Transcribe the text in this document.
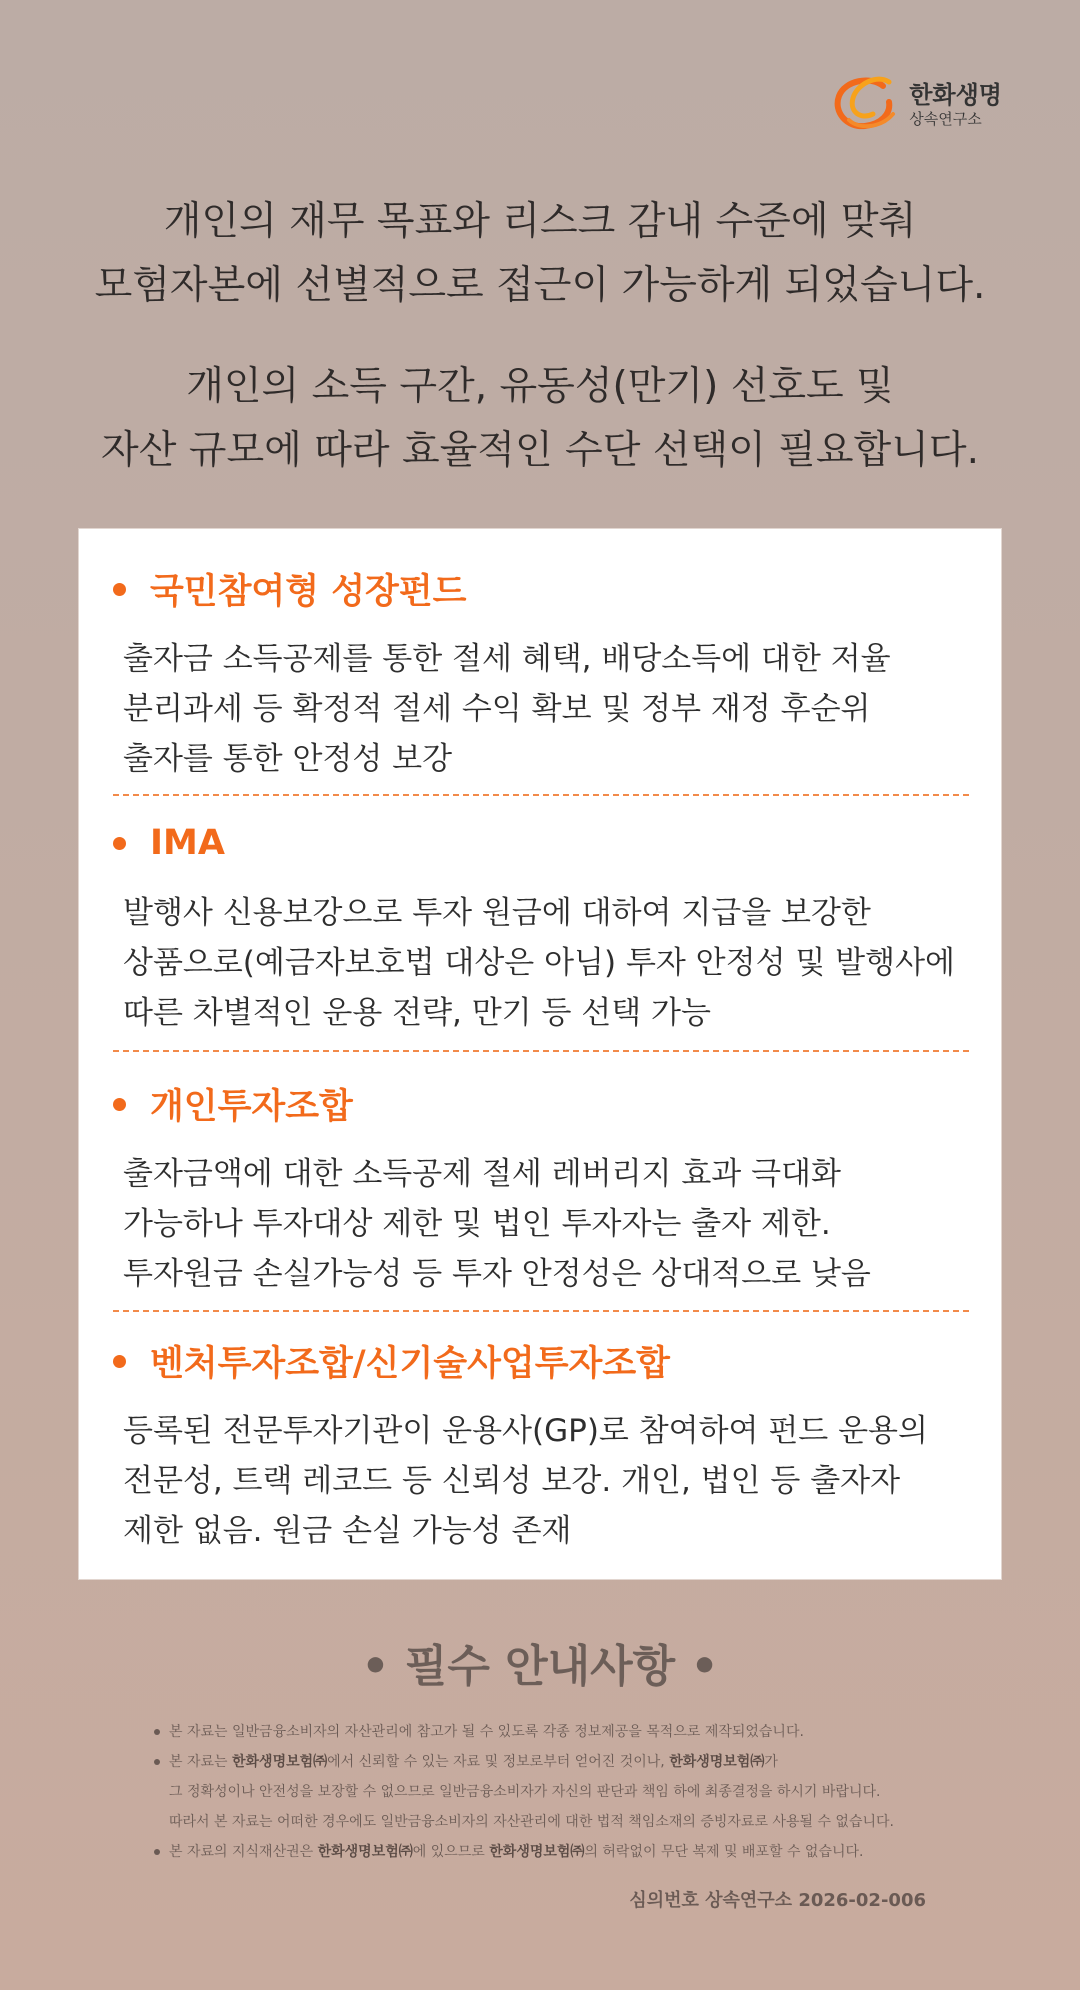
한화생명
상속연구소
개인의 재무 목표와 리스크 감내 수준에 맞춰
모험자본에 선별적으로 접근이 가능하게 되었습니다.
개인의 소득 구간, 유동성(만기) 선호도 및
자산 규모에 따라 효율적인 수단 선택이 필요합니다.
국민참여형 성장펀드
출자금 소득공제를 통한 절세 혜택, 배당소득에 대한 저율
분리과세 등 확정적 절세 수익 확보 및 정부 재정 후순위
출자를 통한 안정성 보강
IMA
발행사 신용보강으로 투자 원금에 대하여 지급을 보강한
상품으로(예금자보호법 대상은 아님) 투자 안정성 및 발행사에
따른 차별적인 운용 전략, 만기 등 선택 가능
개인투자조합
출자금액에 대한 소득공제 절세 레버리지 효과 극대화
가능하나 투자대상 제한 및 법인 투자자는 출자 제한.
투자원금 손실가능성 등 투자 안정성은 상대적으로 낮음
벤처투자조합/신기술사업투자조합
등록된 전문투자기관이 운용사(GP)로 참여하여 펀드 운용의
전문성, 트랙 레코드 등 신뢰성 보강. 개인, 법인 등 출자자
제한 없음. 원금 손실 가능성 존재
• 필수 안내사항 •
본 자료는 일반금융소비자의 자산관리에 참고가 될 수 있도록 각종 정보제공을 목적으로 제작되었습니다.
본 자료는 한화생명보험㈜에서 신뢰할 수 있는 자료 및 정보로부터 얻어진 것이나, 한화생명보험㈜가
그 정확성이나 안전성을 보장할 수 없으므로 일반금융소비자가 자신의 판단과 책임 하에 최종결정을 하시기 바랍니다.
따라서 본 자료는 어떠한 경우에도 일반금융소비자의 자산관리에 대한 법적 책임소재의 증빙자료로 사용될 수 없습니다.
본 자료의 지식재산권은 한화생명보험㈜에 있으므로 한화생명보험㈜의 허락없이 무단 복제 및 배포할 수 없습니다.
심의번호 상속연구소 2026-02-006
